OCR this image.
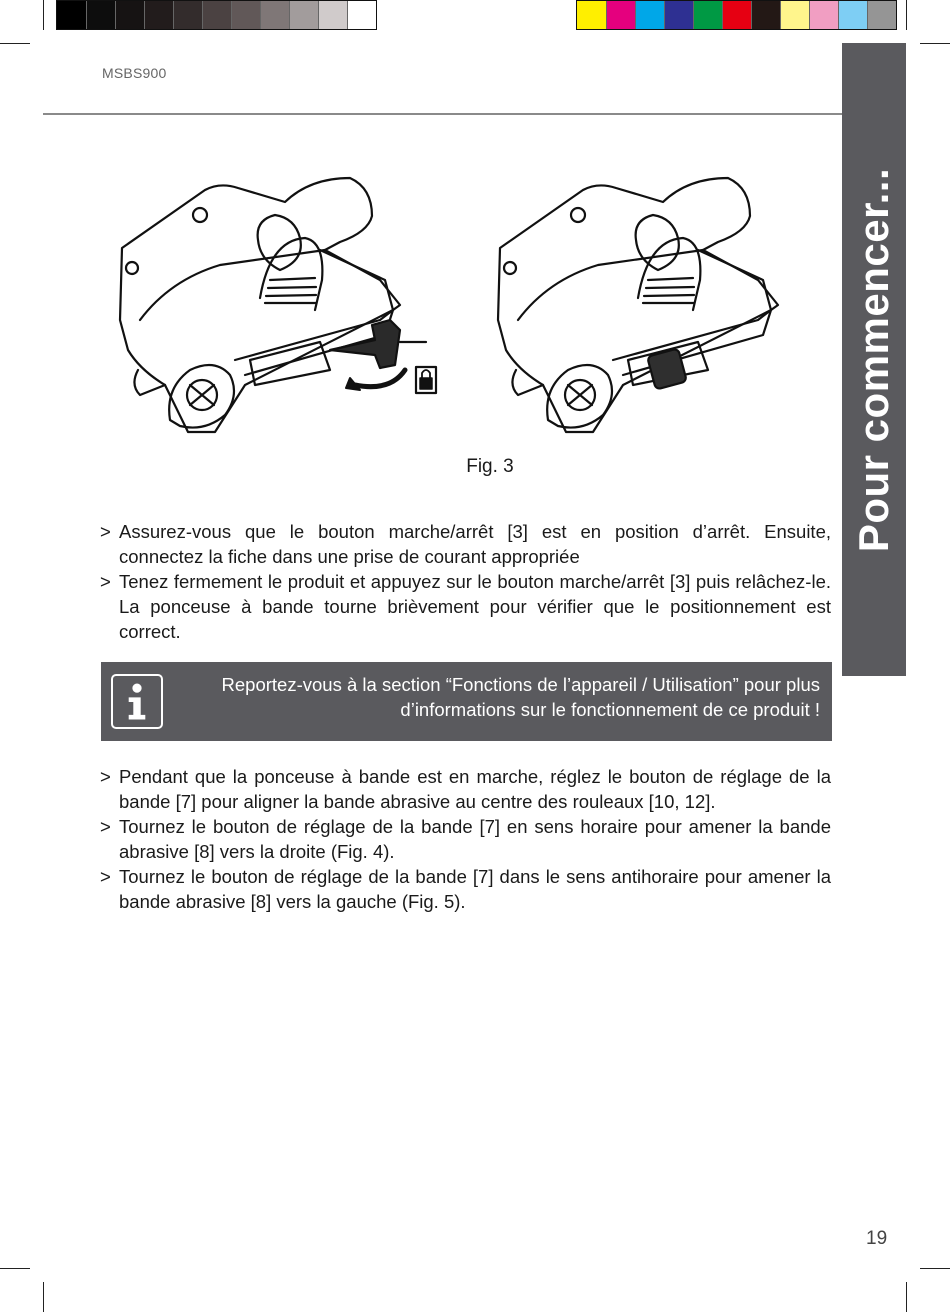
MSBS900
Pour commencer...
Fig. 3
> Assurez-vous que le bouton marche/arrêt [3] est en position d’arrêt. Ensuite, connectez la fiche dans une prise de courant appropriée
> Tenez fermement le produit et appuyez sur le bouton marche/arrêt [3] puis relâchez-le. La ponceuse à bande tourne brièvement pour vérifier que le positionnement est correct.
Reportez-vous à la section “Fonctions de l’appareil / Utilisation” pour plus d’informations sur le fonctionnement de ce produit !
> Pendant que la ponceuse à bande est en marche, réglez le bouton de réglage de la bande [7] pour aligner la bande abrasive au centre des rouleaux [10, 12].
> Tournez le bouton de réglage de la bande [7] en sens horaire pour amener la bande abrasive [8] vers la droite (Fig. 4).
> Tournez le bouton de réglage de la bande [7] dans le sens antihoraire pour amener la bande abrasive [8] vers la gauche (Fig. 5).
19
